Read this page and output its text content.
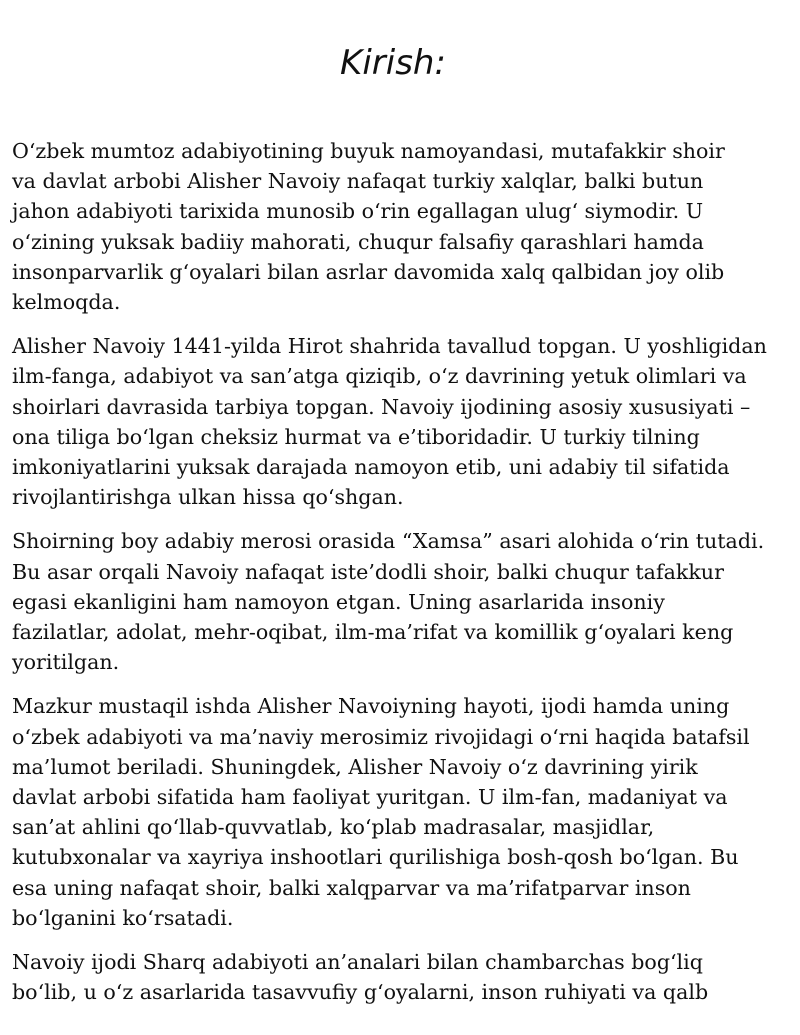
Kirish:

O‘zbek mumtoz adabiyotining buyuk namoyandasi, mutafakkir shoir
va davlat arbobi Alisher Navoiy nafaqat turkiy xalqlar, balki butun
jahon adabiyoti tarixida munosib o‘rin egallagan ulug‘ siymodir. U
o‘zining yuksak badiiy mahorati, chuqur falsafiy qarashlari hamda
insonparvarlik g‘oyalari bilan asrlar davomida xalq qalbidan joy olib
kelmoqda.

Alisher Navoiy 1441-yilda Hirot shahrida tavallud topgan. U yoshligidan
ilm-fanga, adabiyot va san’atga qiziqib, o‘z davrining yetuk olimlari va
shoirlari davrasida tarbiya topgan. Navoiy ijodining asosiy xususiyati –
ona tiliga bo‘lgan cheksiz hurmat va e’tiboridadir. U turkiy tilning
imkoniyatlarini yuksak darajada namoyon etib, uni adabiy til sifatida
rivojlantirishga ulkan hissa qo‘shgan.

Shoirning boy adabiy merosi orasida “Xamsa” asari alohida o‘rin tutadi.
Bu asar orqali Navoiy nafaqat iste’dodli shoir, balki chuqur tafakkur
egasi ekanligini ham namoyon etgan. Uning asarlarida insoniy
fazilatlar, adolat, mehr-oqibat, ilm-ma’rifat va komillik g‘oyalari keng
yoritilgan.

Mazkur mustaqil ishda Alisher Navoiyning hayoti, ijodi hamda uning
o‘zbek adabiyoti va ma’naviy merosimiz rivojidagi o‘rni haqida batafsil
ma’lumot beriladi. Shuningdek, Alisher Navoiy o‘z davrining yirik
davlat arbobi sifatida ham faoliyat yuritgan. U ilm-fan, madaniyat va
san’at ahlini qo‘llab-quvvatlab, ko‘plab madrasalar, masjidlar,
kutubxonalar va xayriya inshootlari qurilishiga bosh-qosh bo‘lgan. Bu
esa uning nafaqat shoir, balki xalqparvar va ma’rifatparvar inson
bo‘lganini ko‘rsatadi.

Navoiy ijodi Sharq adabiyoti an’analari bilan chambarchas bog‘liq
bo‘lib, u o‘z asarlarida tasavvufiy g‘oyalarni, inson ruhiyati va qalb
